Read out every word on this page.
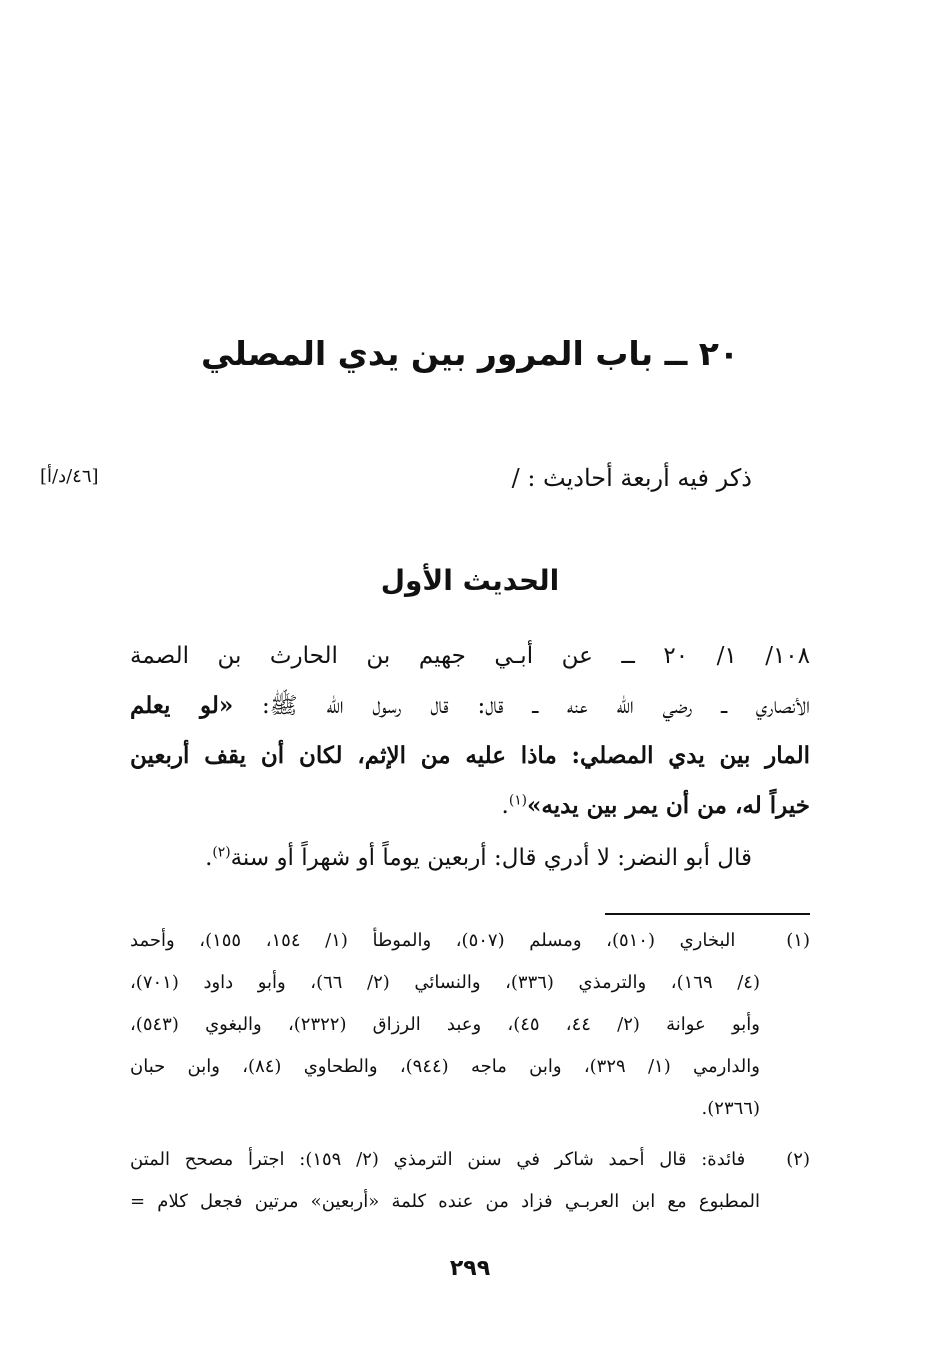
٢٠ ــ باب المرور بين يدي المصلي
ذكر فيه أربعة أحاديث : /
[٤٦/د/أ]
الحديث الأول
١٠٨/ ١/ ٢٠ ــ عن أبـي جهيم بن الحارث بن الصمة
الأنصاري ــ رضي الله عنه ــ قال: قال رسول الله ﷺ: «لو يعلم
المار بين يدي المصلي: ماذا عليه من الإثم، لكان أن يقف أربعين
خيراً له، من أن يمر بين يديه»$^{(١)}$.
قال أبو النضر: لا أدري قال: أربعين يوماً أو شهراً أو سنة$^{(٢)}$.
(١) البخاري (٥١٠)، ومسلم (٥٠٧)، والموطأ (١/ ١٥٤، ١٥٥)، وأحمد
(٤/ ١٦٩)، والترمذي (٣٣٦)، والنسائي (٢/ ٦٦)، وأبو داود (٧٠١)،
وأبو عوانة (٢/ ٤٤، ٤٥)، وعبد الرزاق (٢٣٢٢)، والبغوي (٥٤٣)،
والدارمي (١/ ٣٢٩)، وابن ماجه (٩٤٤)، والطحاوي (٨٤)، وابن حبان
(٢٣٦٦).
(٢) فائدة: قال أحمد شاكر في سنن الترمذي (٢/ ١٥٩): اجترأ مصحح المتن
المطبوع مع ابن العربـي فزاد من عنده كلمة «أربعين» مرتين فجعل كلام =
٢٩٩
